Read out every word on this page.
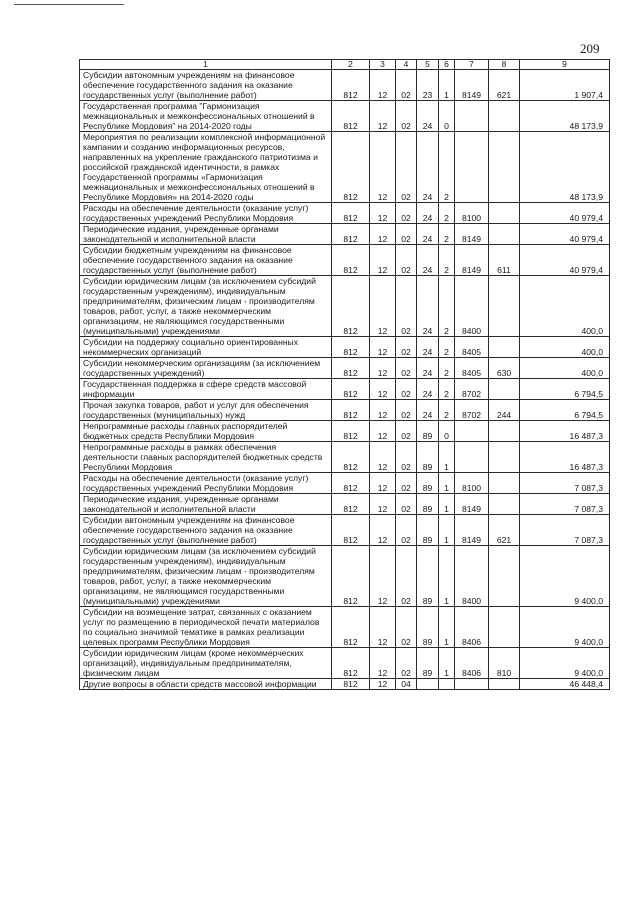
209
1	2	3	4	5	6	7	8	9
Субсидии автономным учреждениям на финансовое обеспечение государственного задания на оказание государственных услуг (выполнение работ)	812	12	02	23	1	8149	621	1 907,4
Государственная программа "Гармонизация межнациональных и межконфессиональных отношений в Республике Мордовия" на 2014-2020 годы	812	12	02	24	0			48 173,9
Мероприятия по реализации комплексной информационной кампании и созданию информационных ресурсов, направленных на укрепление гражданского патриотизма и российской гражданской идентичности, в рамках Государственной программы «Гармонизация межнациональных и межконфессиональных отношений в Республике Мордовия» на 2014-2020 годы	812	12	02	24	2			48 173,9
Расходы на обеспечение деятельности (оказание услуг) государственных учреждений Республики Мордовия	812	12	02	24	2	8100		40 979,4
Периодические издания, учрежденные органами законодательной и исполнительной власти	812	12	02	24	2	8149		40 979,4
Субсидии бюджетным учреждениям на финансовое обеспечение государственного задания на оказание государственных услуг (выполнение работ)	812	12	02	24	2	8149	611	40 979,4
Субсидии юридическим лицам (за исключением субсидий государственным учреждениям), индивидуальным предпринимателям, физическим лицам - производителям товаров, работ, услуг, а также некоммерческим организациям, не являющимся государственными (муниципальными) учреждениями	812	12	02	24	2	8400		400,0
Субсидии на поддержку социально ориентированных некоммерческих организаций	812	12	02	24	2	8405		400,0
Субсидии некоммерческим организациям (за исключением государственных учреждений)	812	12	02	24	2	8405	630	400,0
Государственная поддержка в сфере средств массовой информации	812	12	02	24	2	8702		6 794,5
Прочая закупка товаров, работ и услуг для обеспечения государственных (муниципальных) нужд	812	12	02	24	2	8702	244	6 794,5
Непрограммные расходы главных распорядителей бюджетных средств Республики Мордовия	812	12	02	89	0			16 487,3
Непрограммные расходы в рамках обеспечения деятельности главных распорядителей бюджетных средств Республики Мордовия	812	12	02	89	1			16 487,3
Расходы на обеспечение деятельности (оказание услуг) государственных учреждений Республики Мордовия	812	12	02	89	1	8100		7 087,3
Периодические издания, учрежденные органами законодательной и исполнительной власти	812	12	02	89	1	8149		7 087,3
Субсидии автономным учреждениям на финансовое обеспечение государственного задания на оказание государственных услуг (выполнение работ)	812	12	02	89	1	8149	621	7 087,3
Субсидии юридическим лицам (за исключением субсидий государственным учреждениям), индивидуальным предпринимателям, физическим лицам - производителям товаров, работ, услуг, а также некоммерческим организациям, не являющимся государственными (муниципальными) учреждениями	812	12	02	89	1	8400		9 400,0
Субсидии на возмещение затрат, связанных с оказанием услуг по размещению в периодической печати материалов по социально значимой тематике в рамках реализации целевых программ Республики Мордовия	812	12	02	89	1	8406		9 400,0
Субсидии юридическим лицам (кроме некоммерческих организаций), индивидуальным предпринимателям, физическим лицам	812	12	02	89	1	8406	810	9 400,0
Другие вопросы в области средств массовой информации	812	12	04					46 448,4
